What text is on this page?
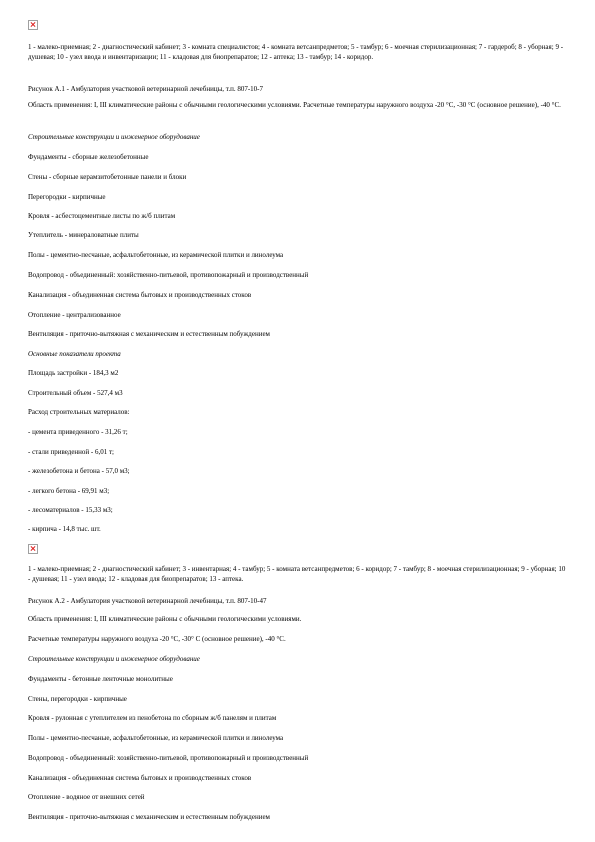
1 - малеко-приемная; 2 - диагностический кабинет; 3 - комната специалистов; 4 - комната ветсанпредметов; 5 - тамбур; 6 - моечная стерилизационная; 7 - гардероб; 8 - уборная; 9 - душевая; 10 - узел ввода и инвентаризации; 11 - кладовая для биопрепаратов; 12 - аптека; 13 - тамбур; 14 - коридор.
Рисунок А.1 - Амбулатория участковой ветеринарной лечебницы, т.п. 807-10-7
Область применения: I, III климатические районы с обычными геологическими условиями. Расчетные температуры наружного воздуха -20 °С, -30 °С (основное решение), -40 °С.
Строительные конструкции и инженерное оборудование
Фундаменты - сборные железобетонные
Стены - сборные керамзитобетонные панели и блоки
Перегородки - кирпичные
Кровля - асбестоцементные листы по ж/б плитам
Утеплитель - минераловатные плиты
Полы - цементно-песчаные, асфальтобетонные, из керамической плитки и линолеума
Водопровод - объединенный: хозяйственно-питьевой, противопожарный и производственный
Канализация - объединенная система бытовых и производственных стоков
Отопление - централизованное
Вентиляция - приточно-вытяжная с механическим и естественным побуждением
Основные показатели проекта
Площадь застройки - 184,3 м2
Строительный объем - 527,4 м3
Расход строительных материалов:
- цемента приведенного - 31,26 т;
- стали приведенной - 6,01 т;
- железобетона и бетона - 57,0 м3;
- легкого бетона - 69,91 м3;
- лесоматериалов - 15,33 м3;
- кирпича - 14,8 тыс. шт.
1 - малеко-приемная; 2 - диагностический кабинет; 3 - инвентарная; 4 - тамбур; 5 - комната ветсанпредметов; 6 - коридор; 7 - тамбур; 8 - моечная стерилизационная; 9 - уборная; 10 - душевая; 11 - узел ввода; 12 - кладовая для биопрепаратов; 13 - аптека.
Рисунок А.2 - Амбулатория участковой ветеринарной лечебницы, т.п. 807-10-47
Область применения: I, III климатические районы с обычными геологическими условиями.
Расчетные температуры наружного воздуха -20 °С, -30° С (основное решение), -40 °С.
Строительные конструкции и инженерное оборудование
Фундаменты - бетонные ленточные монолитные
Стены, перегородки - кирпичные
Кровля - рулонная с утеплителем из пенобетона по сборным ж/б панелям и плитам
Полы - цементно-песчаные, асфальтобетонные, из керамической плитки и линолеума
Водопровод - объединенный: хозяйственно-питьевой, противопожарный и производственный
Канализация - объединенная система бытовых и производственных стоков
Отопление - водяное от внешних сетей
Вентиляция - приточно-вытяжная с механическим и естественным побуждением
